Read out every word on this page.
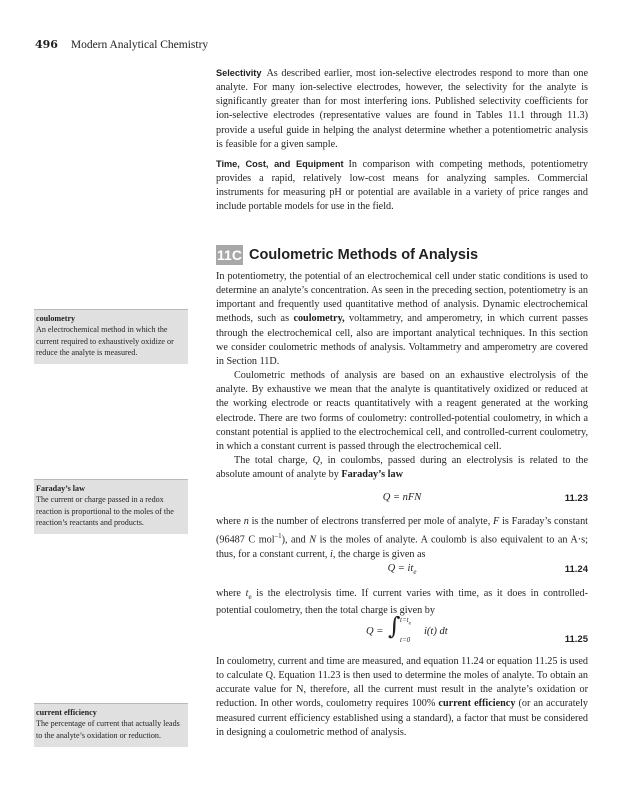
496 Modern Analytical Chemistry

Selectivity As described earlier, most ion-selective electrodes respond to more than one analyte. For many ion-selective electrodes, however, the selectivity for the analyte is significantly greater than for most interfering ions. Published selectivity coefficients for ion-selective electrodes (representative values are found in Tables 11.1 through 11.3) provide a useful guide in helping the analyst determine whether a potentiometric analysis is feasible for a given sample.

Time, Cost, and Equipment In comparison with competing methods, potentiometry provides a rapid, relatively low-cost means for analyzing samples. Commercial instruments for measuring pH or potential are available in a variety of price ranges and include portable models for use in the field.

11C Coulometric Methods of Analysis

In potentiometry, the potential of an electrochemical cell under static conditions is used to determine an analyte’s concentration. As seen in the preceding section, potentiometry is an important and frequently used quantitative method of analysis. Dynamic electrochemical methods, such as coulometry, voltammetry, and amperometry, in which current passes through the electrochemical cell, also are important analytical techniques. In this section we consider coulometric methods of analysis. Voltammetry and amperometry are covered in Section 11D.

Coulometric methods of analysis are based on an exhaustive electrolysis of the analyte. By exhaustive we mean that the analyte is quantitatively oxidized or reduced at the working electrode or reacts quantitatively with a reagent generated at the working electrode. There are two forms of coulometry: controlled-potential coulometry, in which a constant potential is applied to the electrochemical cell, and controlled-current coulometry, in which a constant current is passed through the electrochemical cell.

The total charge, Q, in coulombs, passed during an electrolysis is related to the absolute amount of analyte by Faraday’s law

Q = nFN	11.23

where n is the number of electrons transferred per mole of analyte, F is Faraday’s constant (96487 C mol$^{-1}$), and N is the moles of analyte. A coulomb is also equivalent to an A·s; thus, for a constant current, i, the charge is given as

$Q = it_e$	11.24

where $t_e$ is the electrolysis time. If current varies with time, as it does in controlled-potential coulometry, then the total charge is given by

Q = ∫ $t=t_e$
t=0
i(t) dt
11.25

In coulometry, current and time are measured, and equation 11.24 or equation 11.25 is used to calculate Q. Equation 11.23 is then used to determine the moles of analyte. To obtain an accurate value for N, therefore, all the current must result in the analyte’s oxidation or reduction. In other words, coulometry requires 100% current efficiency (or an accurately measured current efficiency established using a standard), a factor that must be considered in designing a coulometric method of analysis.

coulometry
An electrochemical method in which the current required to exhaustively oxidize or reduce the analyte is measured.
Faraday’s law
The current or charge passed in a redox reaction is proportional to the moles of the reaction’s reactants and products.
current efficiency
The percentage of current that actually leads to the analyte’s oxidation or reduction.
